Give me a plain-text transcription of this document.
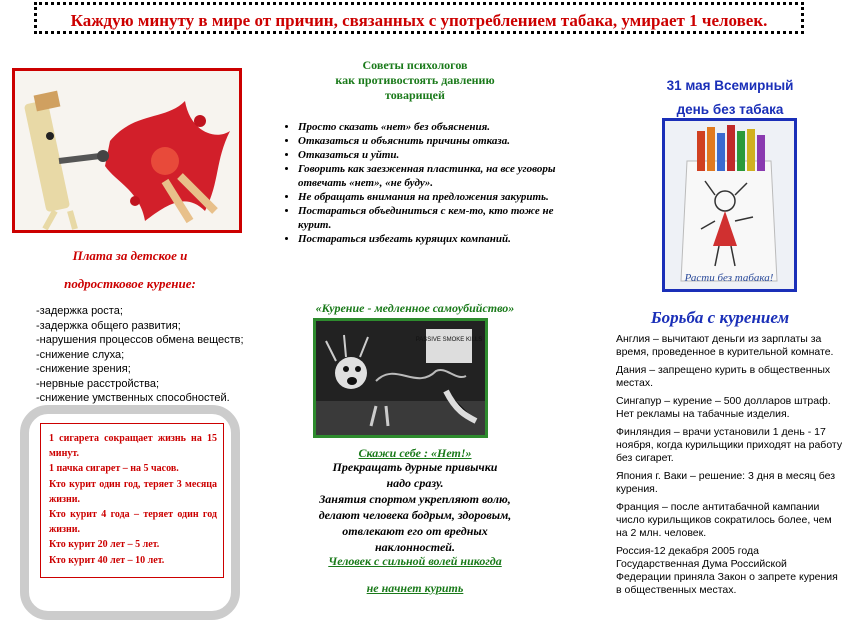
Каждую минуту в мире от причин, связанных с употреблением табака, умирает 1 человек.
Плата за детское и
подростковое курение:
-задержка роста;
-задержка общего развития;
-нарушения процессов обмена веществ;
-снижение слуха;
-снижение зрения;
-нервные расстройства;
-снижение умственных способностей.
1 сигарета сокращает жизнь на 15 минут.
1 пачка сигарет – на 5 часов.
Кто курит один год, теряет 3 месяца жизни.
Кто курит 4 года – теряет один год жизни.
Кто курит 20 лет – 5 лет.
Кто курит 40 лет – 10 лет.
Советы психологов
как противостоять давлению
товарищей
• Просто сказать «нет» без объяснения.
• Отказаться и объяснить причины отказа.
• Отказаться и уйти.
• Говорить как заезженная пластинка, на все уговоры отвечать «нет», «не буду».
• Не обращать внимания на предложения закурить.
• Постараться объединиться с кем-то, кто тоже не курит.
• Постараться избегать курящих компаний.
«Курение - медленное самоубийство»
PASSIVE SMOKE KILLS
Скажи себе : «Нет!»
Прекращать дурные привычки
надо сразу.
Занятия спортом укрепляют волю,
делают человека бодрым, здоровым,
отвлекают его от вредных
наклонностей.
Человек с сильной волей никогда
не начнет курить
31 мая Всемирный
день без табака
Расти без табака!
Борьба с курением

Англия – вычитают деньги из зарплаты за время, проведенное в курительной комнате.

Дания – запрещено курить в общественных местах.

Сингапур – курение – 500 долларов штраф. Нет рекламы на табачные изделия.

Финляндия – врачи установили 1 день - 17 ноября, когда курильщики приходят на работу без сигарет.

Япония г. Ваки – решение: 3 дня в месяц без курения.

Франция – после антитабачной кампании число курильщиков сократилось более, чем на 2 млн. человек.

Россия-12 декабря 2005 года Государственная Дума Российской Федерации приняла Закон о запрете курения в общественных местах.
